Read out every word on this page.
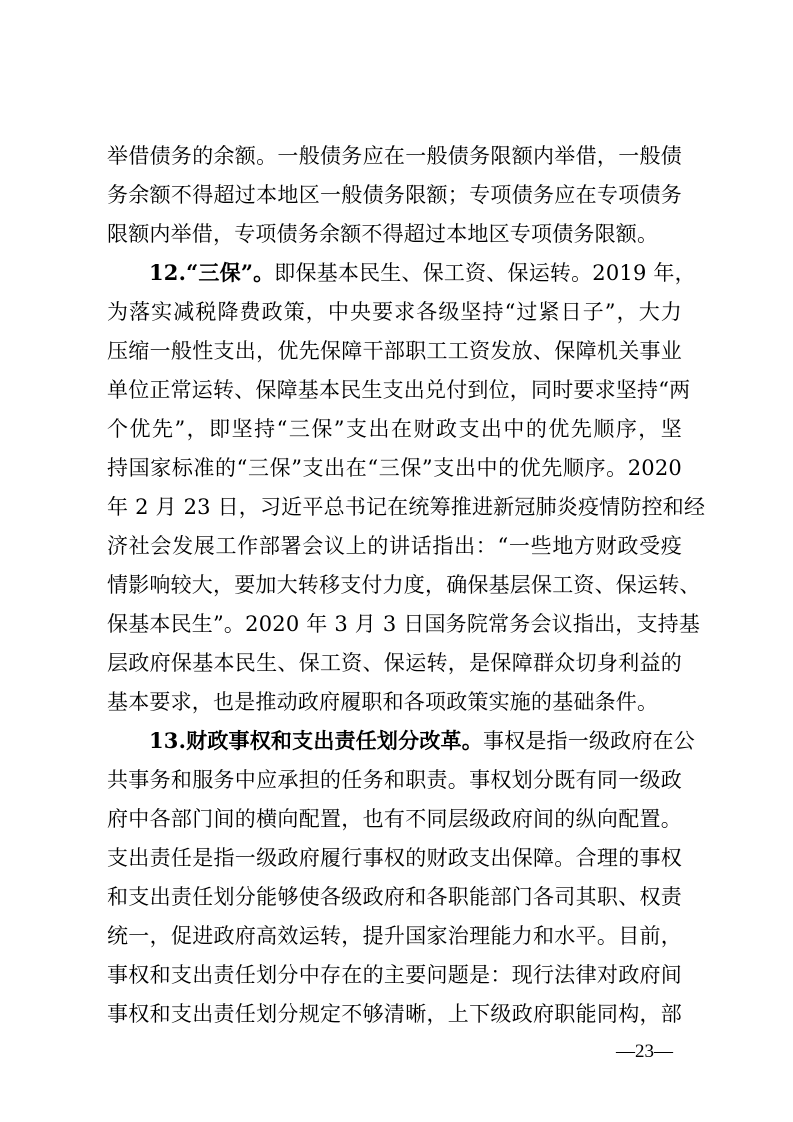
举借债务的余额。一般债务应在一般债务限额内举借，一般债
务余额不得超过本地区一般债务限额；专项债务应在专项债务
限额内举借，专项债务余额不得超过本地区专项债务限额。
12.“三保”。即保基本民生、保工资、保运转。2019 年，
为落实减税降费政策，中央要求各级坚持“过紧日子”，大力
压缩一般性支出，优先保障干部职工工资发放、保障机关事业
单位正常运转、保障基本民生支出兑付到位，同时要求坚持“两
个优先”，即坚持“三保”支出在财政支出中的优先顺序，坚
持国家标准的“三保”支出在“三保”支出中的优先顺序。2020
年 2 月 23 日，习近平总书记在统筹推进新冠肺炎疫情防控和经
济社会发展工作部署会议上的讲话指出：“一些地方财政受疫
情影响较大，要加大转移支付力度，确保基层保工资、保运转、
保基本民生”。2020 年 3 月 3 日国务院常务会议指出，支持基
层政府保基本民生、保工资、保运转，是保障群众切身利益的
基本要求，也是推动政府履职和各项政策实施的基础条件。
13.财政事权和支出责任划分改革。事权是指一级政府在公
共事务和服务中应承担的任务和职责。事权划分既有同一级政
府中各部门间的横向配置，也有不同层级政府间的纵向配置。
支出责任是指一级政府履行事权的财政支出保障。合理的事权
和支出责任划分能够使各级政府和各职能部门各司其职、权责
统一，促进政府高效运转，提升国家治理能力和水平。目前，
事权和支出责任划分中存在的主要问题是：现行法律对政府间
事权和支出责任划分规定不够清晰，上下级政府职能同构，部
—23—
